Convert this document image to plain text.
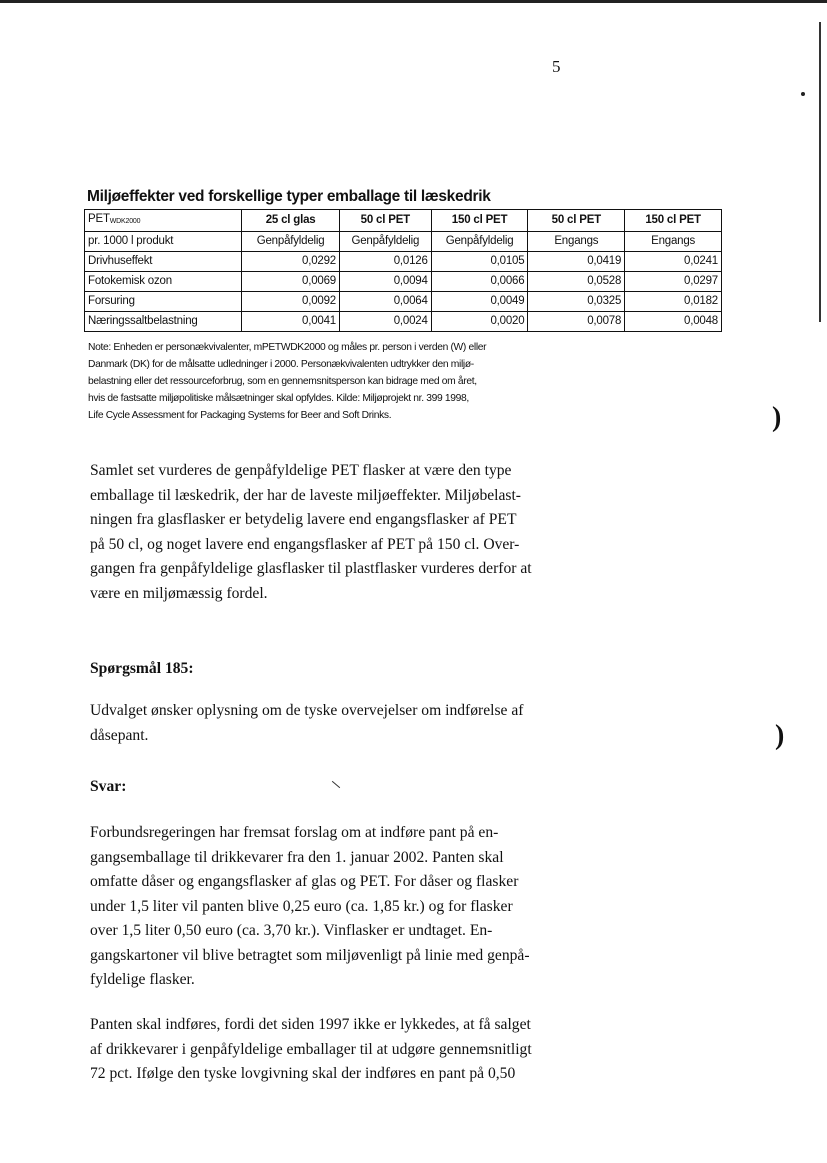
)
)
5
Miljøeffekter ved forskellige typer emballage til læskedrik
PETWDK2000	25 cl glas	50 cl PET	150 cl PET	50 cl PET	150 cl PET
pr. 1000 l produkt	Genpåfyldelig	Genpåfyldelig	Genpåfyldelig	Engangs	Engangs
Drivhuseffekt	0,0292	0,0126	0,0105	0,0419	0,0241
Fotokemisk ozon	0,0069	0,0094	0,0066	0,0528	0,0297
Forsuring	0,0092	0,0064	0,0049	0,0325	0,0182
Næringssaltbelastning	0,0041	0,0024	0,0020	0,0078	0,0048
Note: Enheden er personækvivalenter, mPETWDK2000 og måles pr. person i verden (W) eller
Danmark (DK) for de målsatte udledninger i 2000. Personækvivalenten udtrykker den miljø-
belastning eller det ressourceforbrug, som en gennemsnitsperson kan bidrage med om året,
hvis de fastsatte miljøpolitiske målsætninger skal opfyldes. Kilde: Miljøprojekt nr. 399 1998,
Life Cycle Assessment for Packaging Systems for Beer and Soft Drinks.
Samlet set vurderes de genpåfyldelige PET flasker at være den type
emballage til læskedrik, der har de laveste miljøeffekter. Miljøbelast-
ningen fra glasflasker er betydelig lavere end engangsflasker af PET
på 50 cl, og noget lavere end engangsflasker af PET på 150 cl. Over-
gangen fra genpåfyldelige glasflasker til plastflasker vurderes derfor at
være en miljømæssig fordel.
Spørgsmål 185:
Udvalget ønsker oplysning om de tyske overvejelser om indførelse af
dåsepant.
Svar:
Forbundsregeringen har fremsat forslag om at indføre pant på en-
gangsemballage til drikkevarer fra den 1. januar 2002. Panten skal
omfatte dåser og engangsflasker af glas og PET. For dåser og flasker
under 1,5 liter vil panten blive 0,25 euro (ca. 1,85 kr.) og for flasker
over 1,5 liter 0,50 euro (ca. 3,70 kr.). Vinflasker er undtaget. En-
gangskartoner vil blive betragtet som miljøvenligt på linie med genpå-
fyldelige flasker.
Panten skal indføres, fordi det siden 1997 ikke er lykkedes, at få salget
af drikkevarer i genpåfyldelige emballager til at udgøre gennemsnitligt
72 pct. Ifølge den tyske lovgivning skal der indføres en pant på 0,50
